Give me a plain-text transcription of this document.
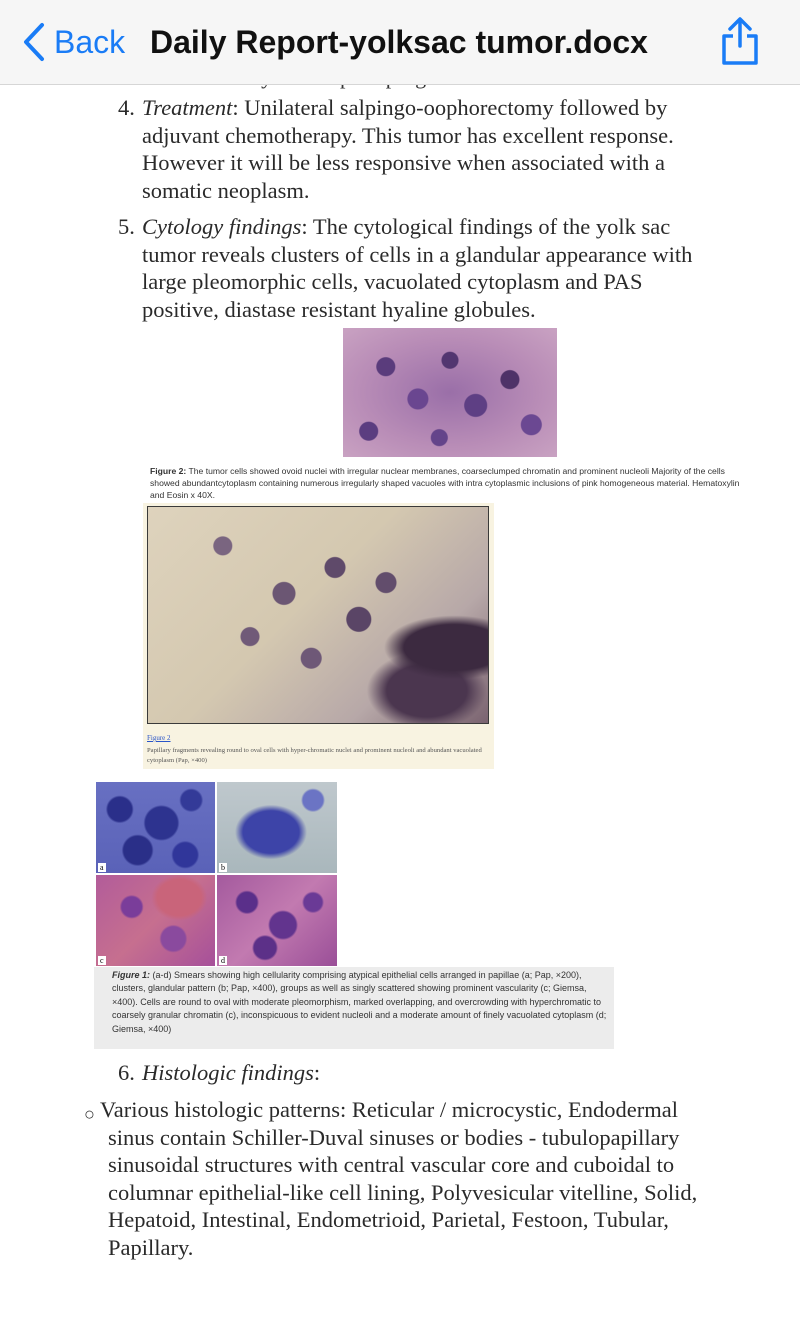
4. Treatment: Unilateral salpingo-oophorectomy followed by adjuvant chemotherapy. This tumor has excellent response. However it will be less responsive when associated with a somatic neoplasm.
5. Cytology findings: The cytological findings of the yolk sac tumor reveals clusters of cells in a glandular appearance with large pleomorphic cells, vacuolated cytoplasm and PAS positive, diastase resistant hyaline globules.
Figure 2: The tumor cells showed ovoid nuclei with irregular nuclear membranes, coarseclumped chromatin and prominent nucleoli Majority of the cells showed abundantcytoplasm containing numerous irregularly shaped vacuoles with intra cytoplasmic inclusions of pink homogeneous material. Hematoxylin and Eosin x 40X.
Figure 2
Papillary fragments revealing round to oval cells with hyper-chromatic nuclei and prominent nucleoli and abundant vacuolated cytoplasm (Pap, ×400)
a	b
c	d
Figure 1: (a-d) Smears showing high cellularity comprising atypical epithelial cells arranged in papillae (a; Pap, ×200), clusters, glandular pattern (b; Pap, ×400), groups as well as singly scattered showing prominent vascularity (c; Giemsa, ×400). Cells are round to oval with moderate pleomorphism, marked overlapping, and overcrowding with hyperchromatic to coarsely granular chromatin (c), inconspicuous to evident nucleoli and a moderate amount of finely vacuolated cytoplasm (d; Giemsa, ×400)
6. Histologic findings:
○ Various histologic patterns: Reticular / microcystic, Endodermal
sinus contain Schiller-Duval sinuses or bodies - tubulopapillary sinusoidal structures with central vascular core and cuboidal to columnar epithelial-like cell lining, Polyvesicular vitelline, Solid, Hepatoid, Intestinal, Endometrioid, Parietal, Festoon, Tubular, Papillary.
Back Daily Report-yolksac tumor.docx
